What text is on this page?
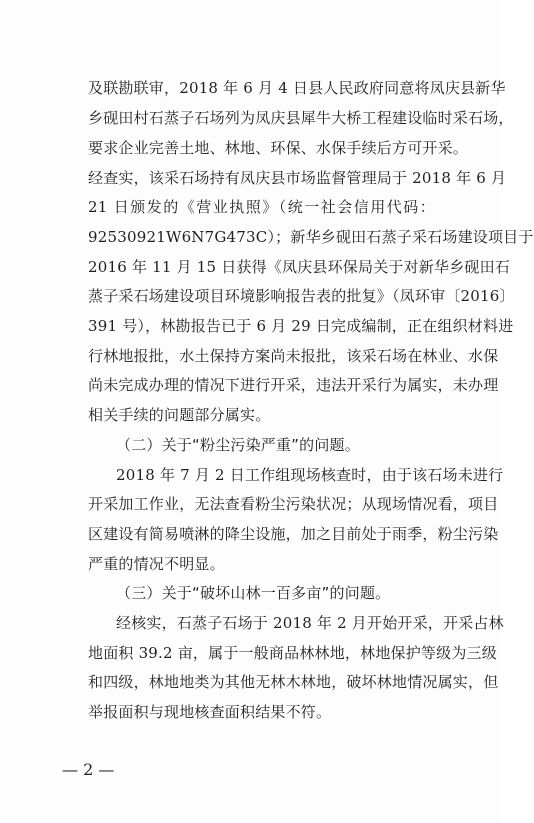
及联勘联审，2018 年 6 月 4 日县人民政府同意将凤庆县新华
乡砚田村石蒸子石场列为凤庆县犀牛大桥工程建设临时采石场，
要求企业完善土地、林地、环保、水保手续后方可开采。
经查实，该采石场持有凤庆县市场监督管理局于 2018 年 6 月
21 日颁发的《营业执照》（统一社会信用代码：
92530921W6N7G473C）；新华乡砚田石蒸子采石场建设项目于
2016 年 11 月 15 日获得《凤庆县环保局关于对新华乡砚田石
蒸子采石场建设项目环境影响报告表的批复》（凤环审〔2016〕
391 号），林勘报告已于 6 月 29 日完成编制，正在组织材料进
行林地报批，水土保持方案尚未报批，该采石场在林业、水保
尚未完成办理的情况下进行开采，违法开采行为属实，未办理
相关手续的问题部分属实。
（二）关于“粉尘污染严重”的问题。
2018 年 7 月 2 日工作组现场核查时，由于该石场未进行
开采加工作业，无法查看粉尘污染状况；从现场情况看，项目
区建设有简易喷淋的降尘设施，加之目前处于雨季，粉尘污染
严重的情况不明显。
（三）关于“破坏山林一百多亩”的问题。
经核实，石蒸子石场于 2018 年 2 月开始开采，开采占林
地面积 39.2 亩，属于一般商品林林地，林地保护等级为三级
和四级，林地地类为其他无林木林地，破坏林地情况属实，但
举报面积与现地核查面积结果不符。
— 2 —
